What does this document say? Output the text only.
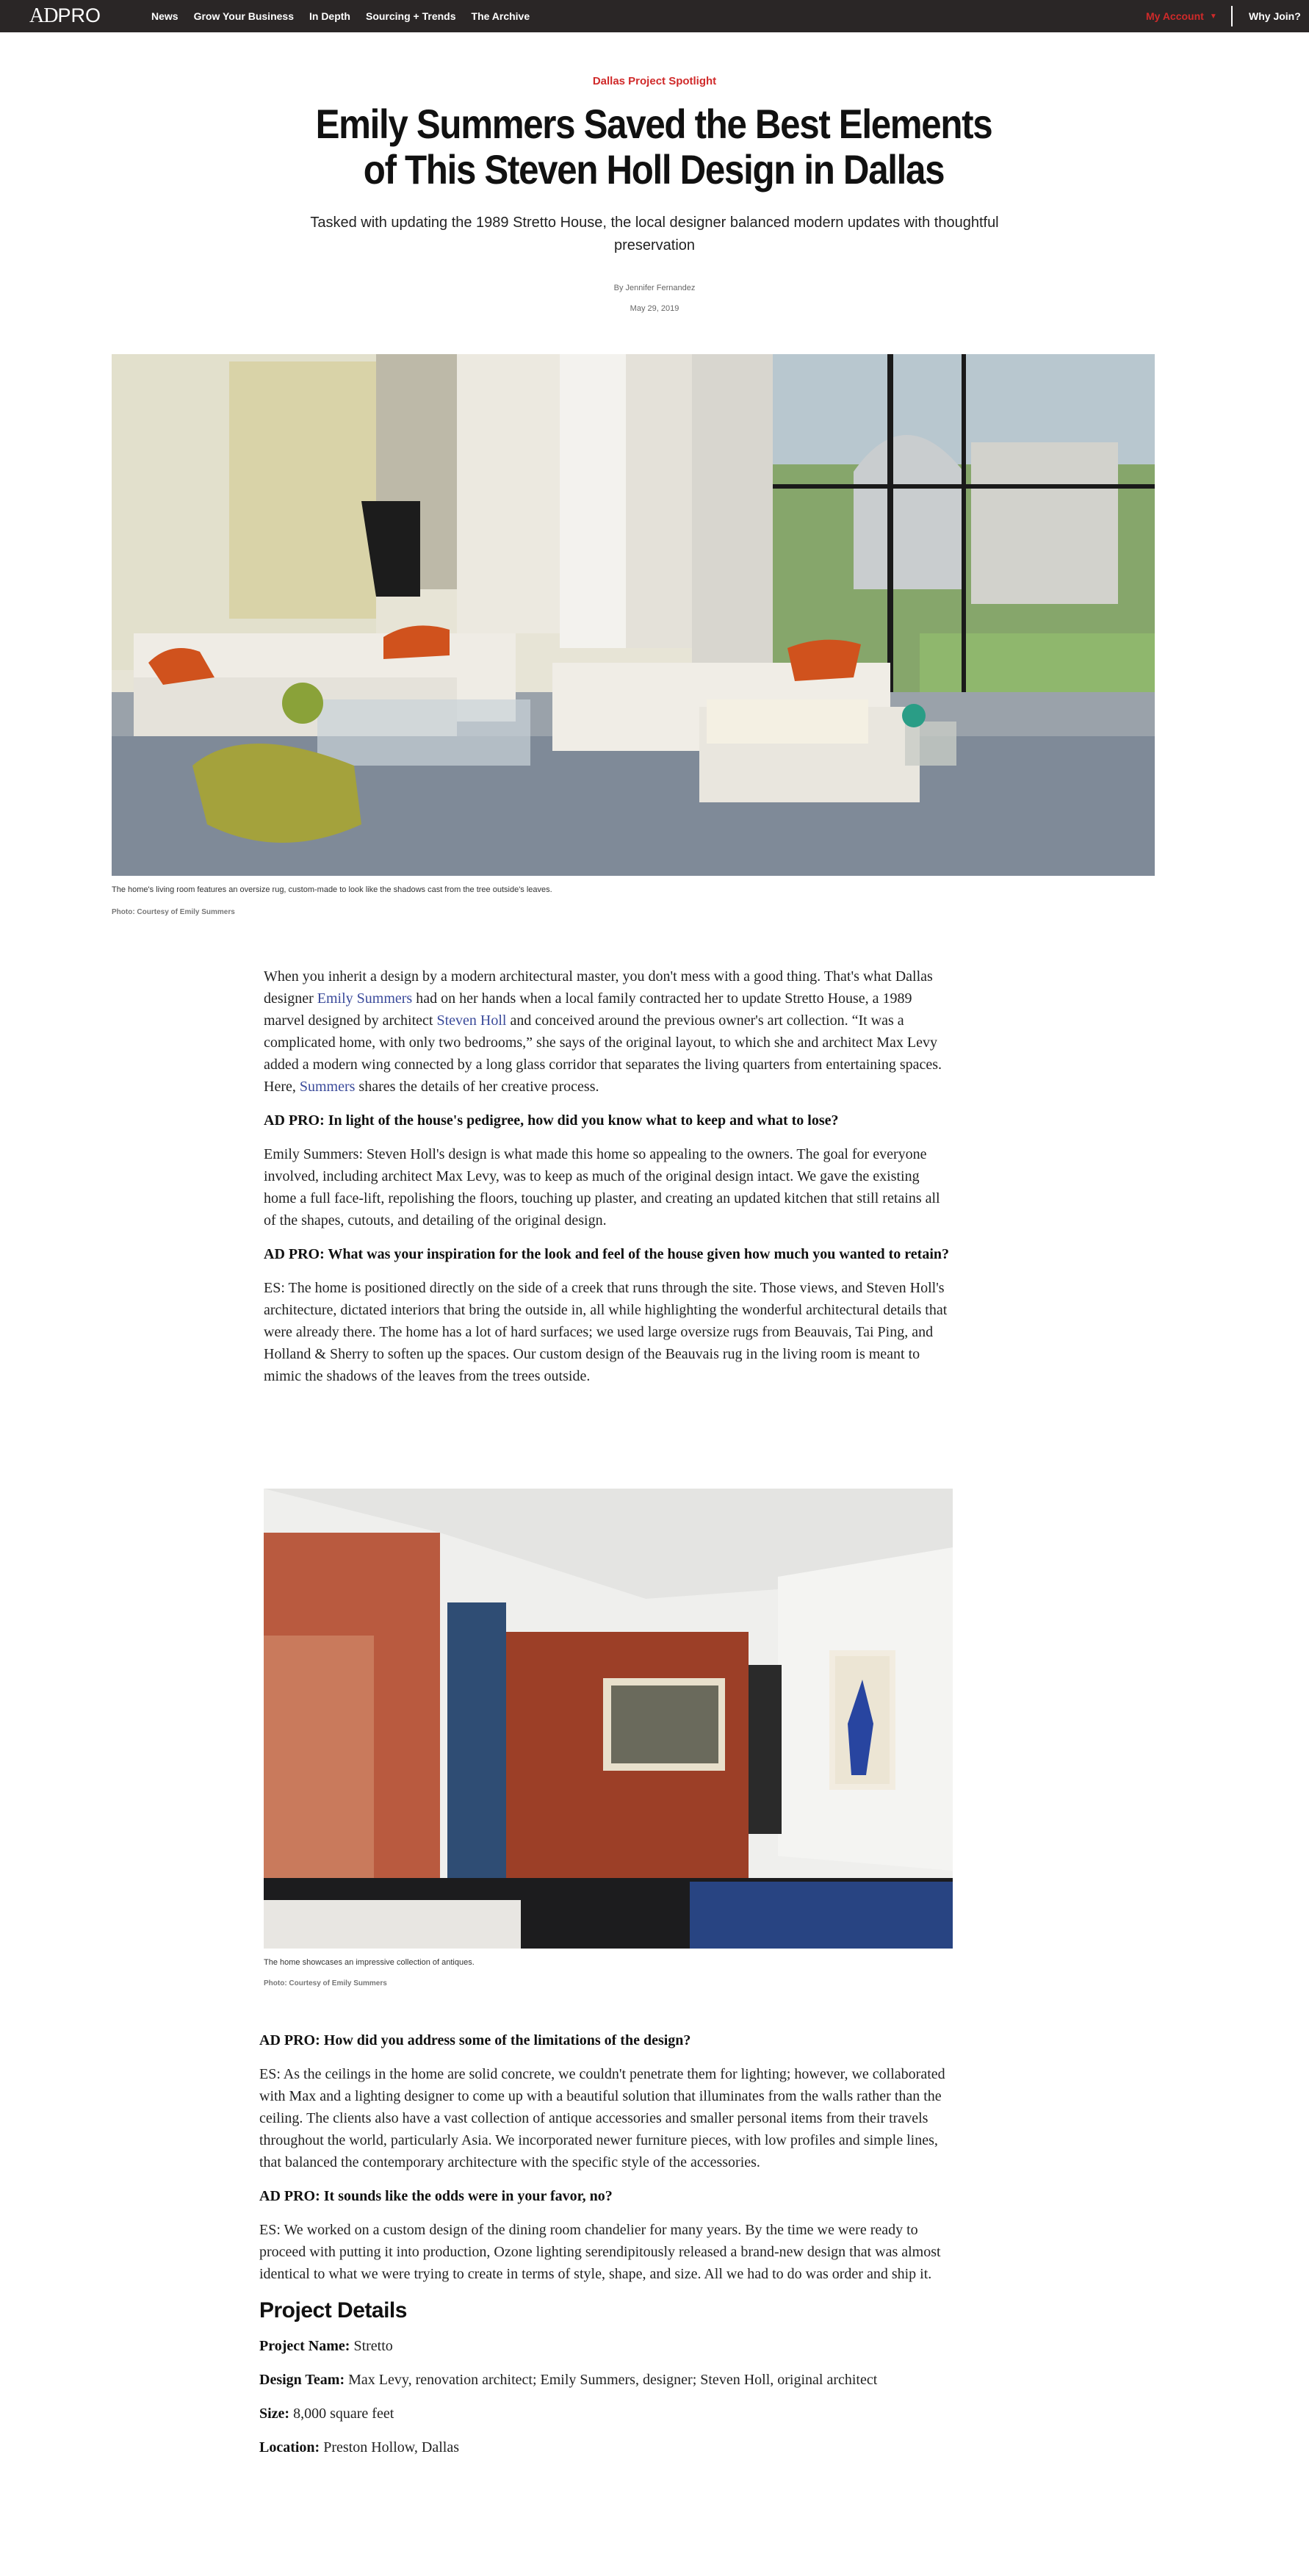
ADPRO	News Grow Your Business In Depth Sourcing + Trends The Archive	My Account ▼	Why Join?
Dallas Project Spotlight
Emily Summers Saved the Best Elements of This Steven Holl Design in Dallas
Tasked with updating the 1989 Stretto House, the local designer balanced modern updates with thoughtful preservation
By Jennifer Fernandez
May 29, 2019
The home's living room features an oversize rug, custom-made to look like the shadows cast from the tree outside's leaves.
Photo: Courtesy of Emily Summers

When you inherit a design by a modern architectural master, you don't mess with a good thing. That's what Dallas designer Emily Summers had on her hands when a local family contracted her to update Stretto House, a 1989 marvel designed by architect Steven Holl and conceived around the previous owner's art collection. “It was a complicated home, with only two bedrooms,” she says of the original layout, to which she and architect Max Levy added a modern wing connected by a long glass corridor that separates the living quarters from entertaining spaces. Here, Summers shares the details of her creative process.

AD PRO: In light of the house's pedigree, how did you know what to keep and what to lose?

Emily Summers: Steven Holl's design is what made this home so appealing to the owners. The goal for everyone involved, including architect Max Levy, was to keep as much of the original design intact. We gave the existing home a full face-lift, repolishing the floors, touching up plaster, and creating an updated kitchen that still retains all of the shapes, cutouts, and detailing of the original design.

AD PRO: What was your inspiration for the look and feel of the house given how much you wanted to retain?

ES: The home is positioned directly on the side of a creek that runs through the site. Those views, and Steven Holl's architecture, dictated interiors that bring the outside in, all while highlighting the wonderful architectural details that were already there. The home has a lot of hard surfaces; we used large oversize rugs from Beauvais, Tai Ping, and Holland & Sherry to soften up the spaces. Our custom design of the Beauvais rug in the living room is meant to mimic the shadows of the leaves from the trees outside.

The home showcases an impressive collection of antiques.
Photo: Courtesy of Emily Summers

AD PRO: How did you address some of the limitations of the design?

ES: As the ceilings in the home are solid concrete, we couldn't penetrate them for lighting; however, we collaborated with Max and a lighting designer to come up with a beautiful solution that illuminates from the walls rather than the ceiling. The clients also have a vast collection of antique accessories and smaller personal items from their travels throughout the world, particularly Asia. We incorporated newer furniture pieces, with low profiles and simple lines, that balanced the contemporary architecture with the specific style of the accessories.

AD PRO: It sounds like the odds were in your favor, no?

ES: We worked on a custom design of the dining room chandelier for many years. By the time we were ready to proceed with putting it into production, Ozone lighting serendipitously released a brand-new design that was almost identical to what we were trying to create in terms of style, shape, and size. All we had to do was order and ship it.

Project Details

Project Name: Stretto

Design Team: Max Levy, renovation architect; Emily Summers, designer; Steven Holl, original architect

Size: 8,000 square feet

Location: Preston Hollow, Dallas
